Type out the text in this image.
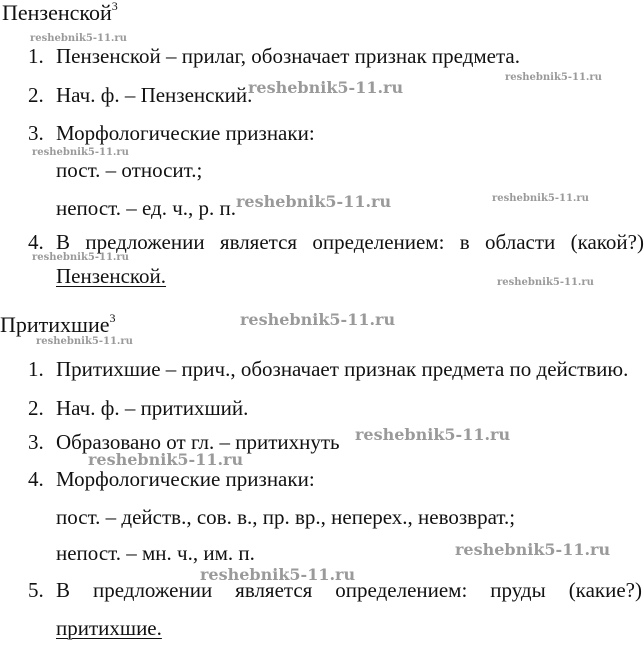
Пензенской$^3$
1. Пензенской – прилаг, обозначает признак предмета.
2. Нач. ф. – Пензенский.
3. Морфологические признаки:
пост. – относит.;
непост. – ед. ч., р. п.
4. В предложении является определением: в области (какой?)
Пензенской.
Притихшие$^3$
1. Притихшие – прич., обозначает признак предмета по действию.
2. Нач. ф. – притихший.
3. Образовано от гл. – притихнуть
4. Морфологические признаки:
пост. – действ., сов. в., пр. вр., неперех., невозврат.;
непост. – мн. ч., им. п.
5. В предложении является определением: пруды (какие?)
притихшие.
reshebnik5-11.ru
reshebnik5-11.ru
reshebnik5-11.ru
reshebnik5-11.ru
reshebnik5-11.ru	reshebnik5-11.ru
reshebnik5-11.ru
reshebnik5-11.ru
reshebnik5-11.ru
reshebnik5-11.ru
reshebnik5-11.ru
reshebnik5-11.ru
reshebnik5-11.ru
reshebnik5-11.ru
